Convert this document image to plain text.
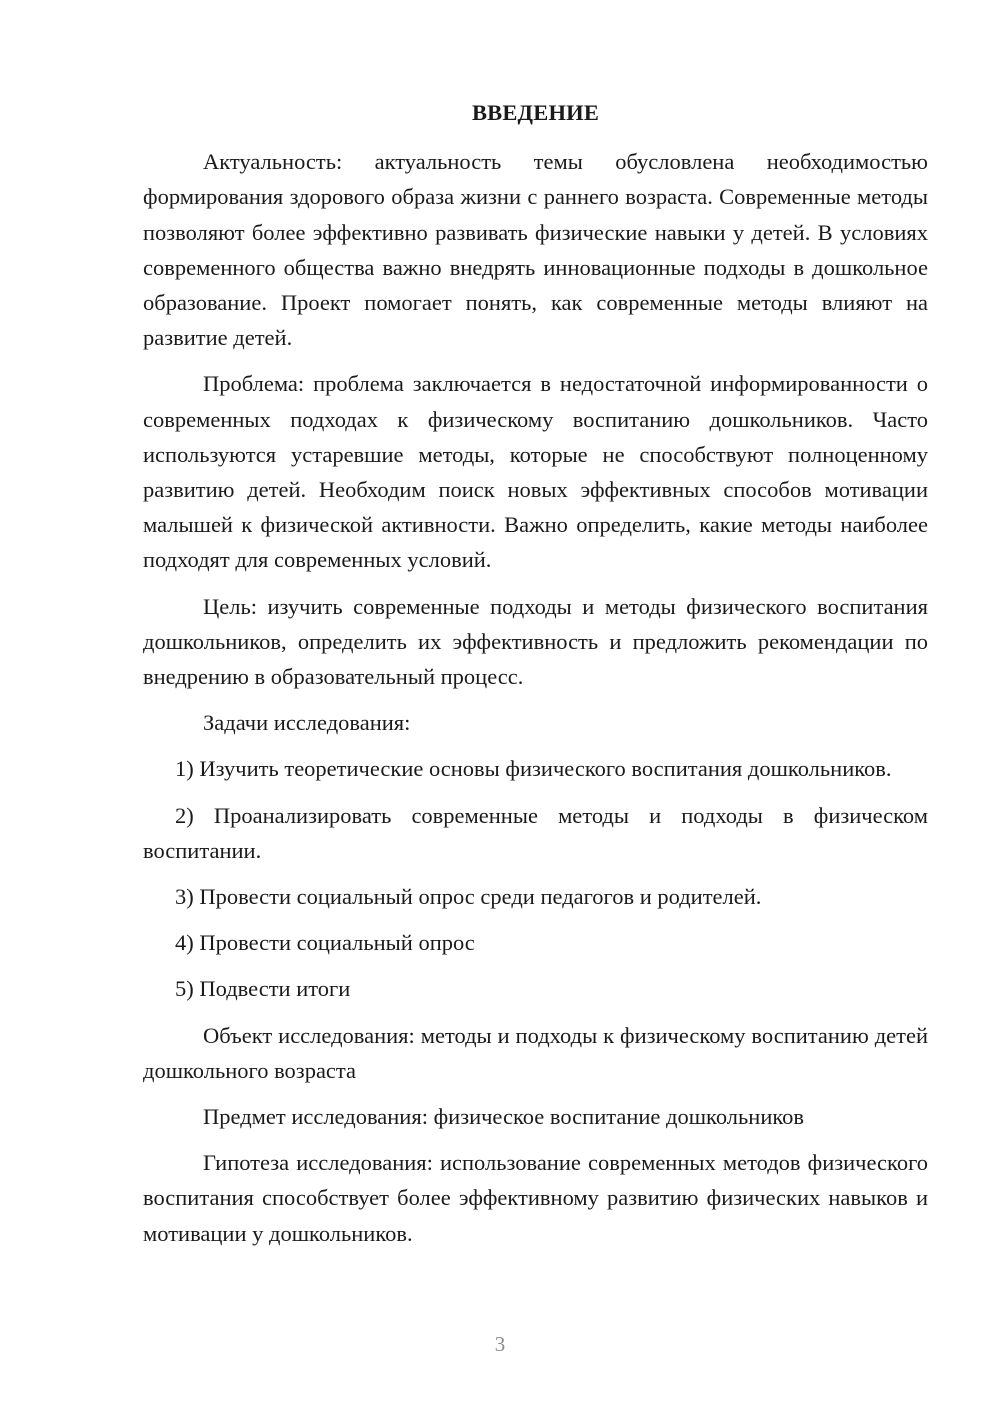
ВВЕДЕНИЕ

Актуальность: актуальность темы обусловлена необходимостью формирования здорового образа жизни с раннего возраста. Современные методы позволяют более эффективно развивать физические навыки у детей. В условиях современного общества важно внедрять инновационные подходы в дошкольное образование. Проект помогает понять, как современные методы влияют на развитие детей.

Проблема: проблема заключается в недостаточной информированности о современных подходах к физическому воспитанию дошкольников. Часто используются устаревшие методы, которые не способствуют полноценному развитию детей. Необходим поиск новых эффективных способов мотивации малышей к физической активности. Важно определить, какие методы наиболее подходят для современных условий.

Цель: изучить современные подходы и методы физического воспитания дошкольников, определить их эффективность и предложить рекомендации по внедрению в образовательный процесс.

Задачи исследования:

1) Изучить теоретические основы физического воспитания дошкольников.

2) Проанализировать современные методы и подходы в физическом воспитании.

3) Провести социальный опрос среди педагогов и родителей.

4) Провести социальный опрос

5) Подвести итоги

Объект исследования: методы и подходы к физическому воспитанию детей дошкольного возраста

Предмет исследования: физическое воспитание дошкольников

Гипотеза исследования: использование современных методов физического воспитания способствует более эффективному развитию физических навыков и мотивации у дошкольников.

3
